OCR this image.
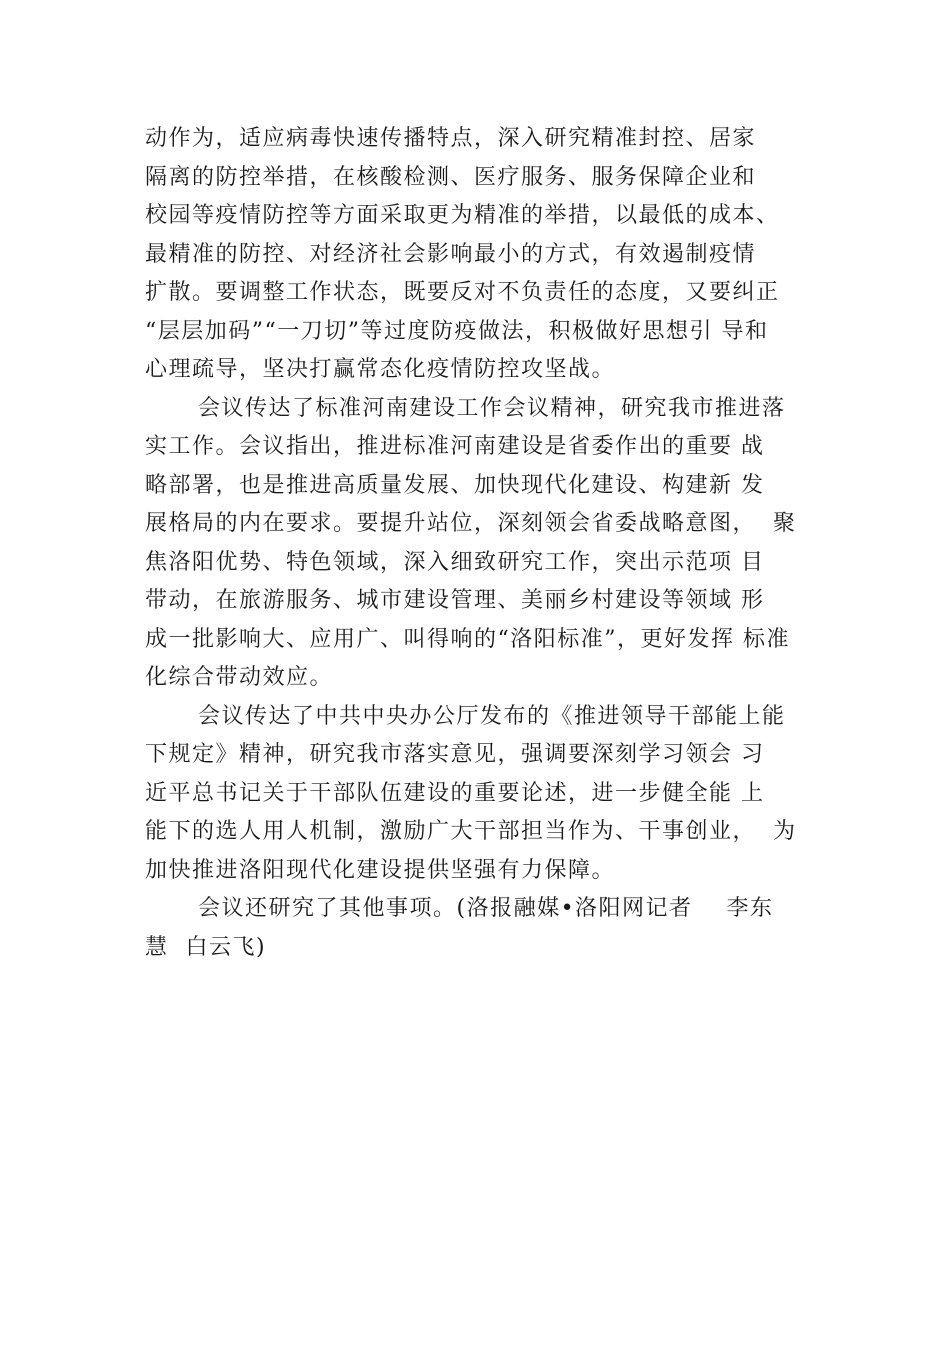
动作为，适应病毒快速传播特点，深入研究精准封控、居家
隔离的防控举措，在核酸检测、医疗服务、服务保障企业和
校园等疫情防控等方面采取更为精准的举措，以最低的成本、
最精准的防控、对经济社会影响最小的方式，有效遏制疫情
扩散。要调整工作状态，既要反对不负责任的态度，又要纠正
“层层加码”“一刀切”等过度防疫做法，积极做好思想引 导和
心理疏导，坚决打赢常态化疫情防控攻坚战。
会议传达了标准河南建设工作会议精神，研究我市推进落
实工作。会议指出，推进标准河南建设是省委作出的重要 战
略部署，也是推进高质量发展、加快现代化建设、构建新 发
展格局的内在要求。要提升站位，深刻领会省委战略意图，  聚
焦洛阳优势、特色领域，深入细致研究工作，突出示范项 目
带动，在旅游服务、城市建设管理、美丽乡村建设等领域 形
成一批影响大、应用广、叫得响的“洛阳标准”，更好发挥 标准
化综合带动效应。
会议传达了中共中央办公厅发布的《推进领导干部能上能
下规定》精神，研究我市落实意见，强调要深刻学习领会 习
近平总书记关于干部队伍建设的重要论述，进一步健全能 上
能下的选人用人机制，激励广大干部担当作为、干事创业，  为
加快推进洛阳现代化建设提供坚强有力保障。
会议还研究了其他事项。(洛报融媒•洛阳网记者    李东
慧  白云飞)
